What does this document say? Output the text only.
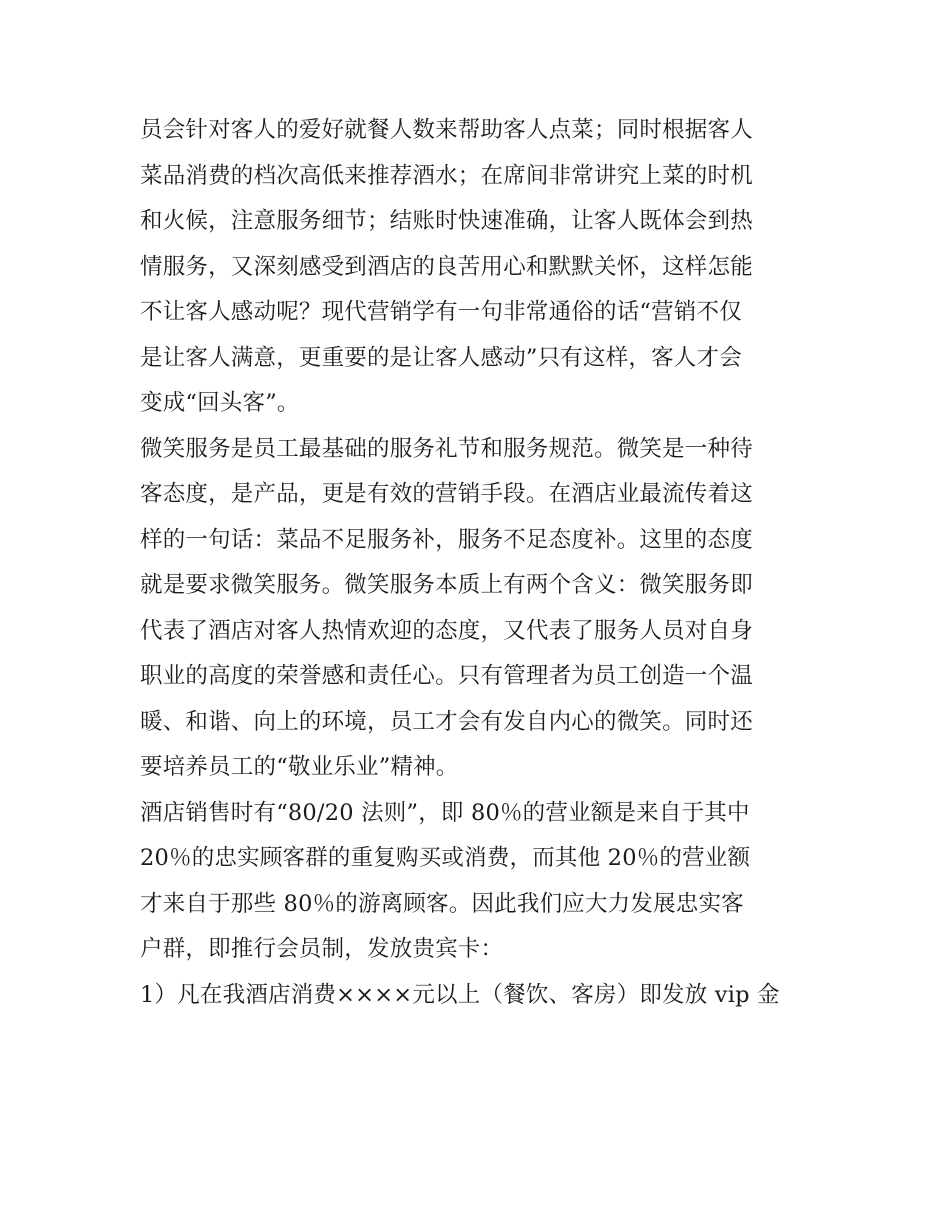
员会针对客人的爱好就餐人数来帮助客人点菜；同时根据客人
菜品消费的档次高低来推荐酒水；在席间非常讲究上菜的时机
和火候，注意服务细节；结账时快速准确，让客人既体会到热
情服务，又深刻感受到酒店的良苦用心和默默关怀，这样怎能
不让客人感动呢？现代营销学有一句非常通俗的话“营销不仅
是让客人满意，更重要的是让客人感动”只有这样，客人才会
变成“回头客”。
微笑服务是员工最基础的服务礼节和服务规范。微笑是一种待
客态度，是产品，更是有效的营销手段。在酒店业最流传着这
样的一句话：菜品不足服务补，服务不足态度补。这里的态度
就是要求微笑服务。微笑服务本质上有两个含义：微笑服务即
代表了酒店对客人热情欢迎的态度，又代表了服务人员对自身
职业的高度的荣誉感和责任心。只有管理者为员工创造一个温
暖、和谐、向上的环境，员工才会有发自内心的微笑。同时还
要培养员工的“敬业乐业”精神。
酒店销售时有“80/20 法则”，即 80％的营业额是来自于其中
20％的忠实顾客群的重复购买或消费，而其他 20％的营业额
才来自于那些 80％的游离顾客。因此我们应大力发展忠实客
户群，即推行会员制，发放贵宾卡：
1）凡在我酒店消费××××元以上（餐饮、客房）即发放 vip 金
